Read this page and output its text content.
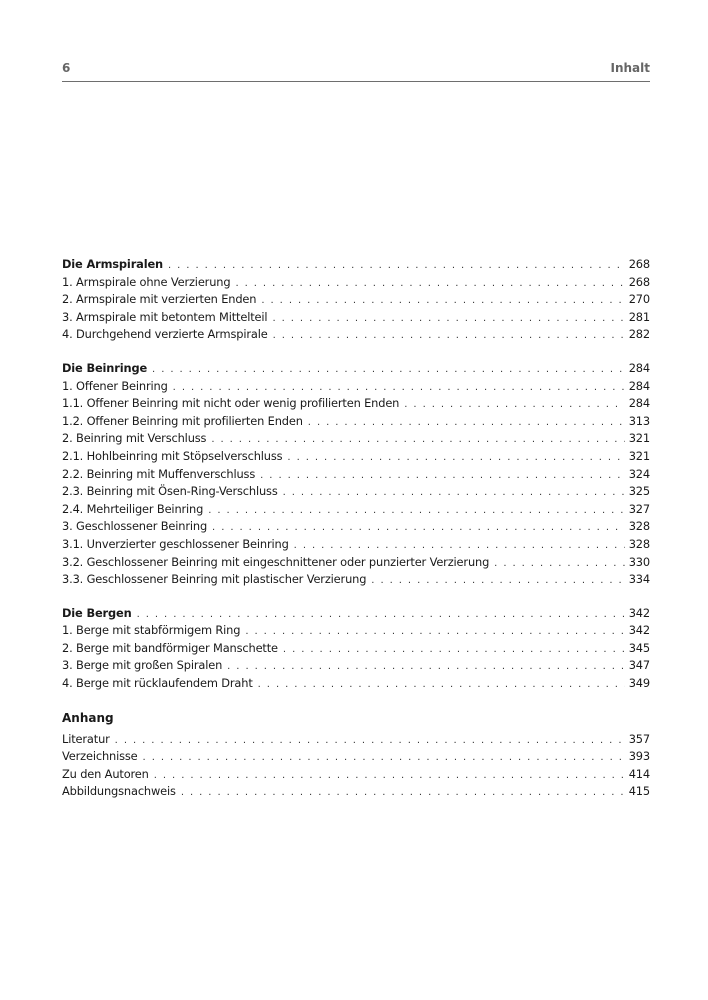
6	Inhalt
Die Armspiralen . . .	268
1. Armspirale ohne Verzierung . . .	268
2. Armspirale mit verzierten Enden . . .	270
3. Armspirale mit betontem Mittelteil . . .	281
4. Durchgehend verzierte Armspirale . . .	282
Die Beinringe . . .	284
1. Offener Beinring . . .	284
1.1. Offener Beinring mit nicht oder wenig profilierten Enden . . .	284
1.2. Offener Beinring mit profilierten Enden . . .	313
2. Beinring mit Verschluss . . .	321
2.1. Hohlbeinring mit Stöpselverschluss . . .	321
2.2. Beinring mit Muffenverschluss . . .	324
2.3. Beinring mit Ösen-Ring-Verschluss . . .	325
2.4. Mehrteiliger Beinring . . .	327
3. Geschlossener Beinring . . .	328
3.1. Unverzierter geschlossener Beinring . . .	328
3.2. Geschlossener Beinring mit eingeschnittener oder punzierter Verzierung . . .	330
3.3. Geschlossener Beinring mit plastischer Verzierung . . .	334
Die Bergen . . .	342
1. Berge mit stabförmigem Ring . . .	342
2. Berge mit bandförmiger Manschette . . .	345
3. Berge mit großen Spiralen . . .	347
4. Berge mit rücklaufendem Draht . . .	349
Anhang
Literatur . . .	357
Verzeichnisse . . .	393
Zu den Autoren . . .	414
Abbildungsnachweis . . .	415
